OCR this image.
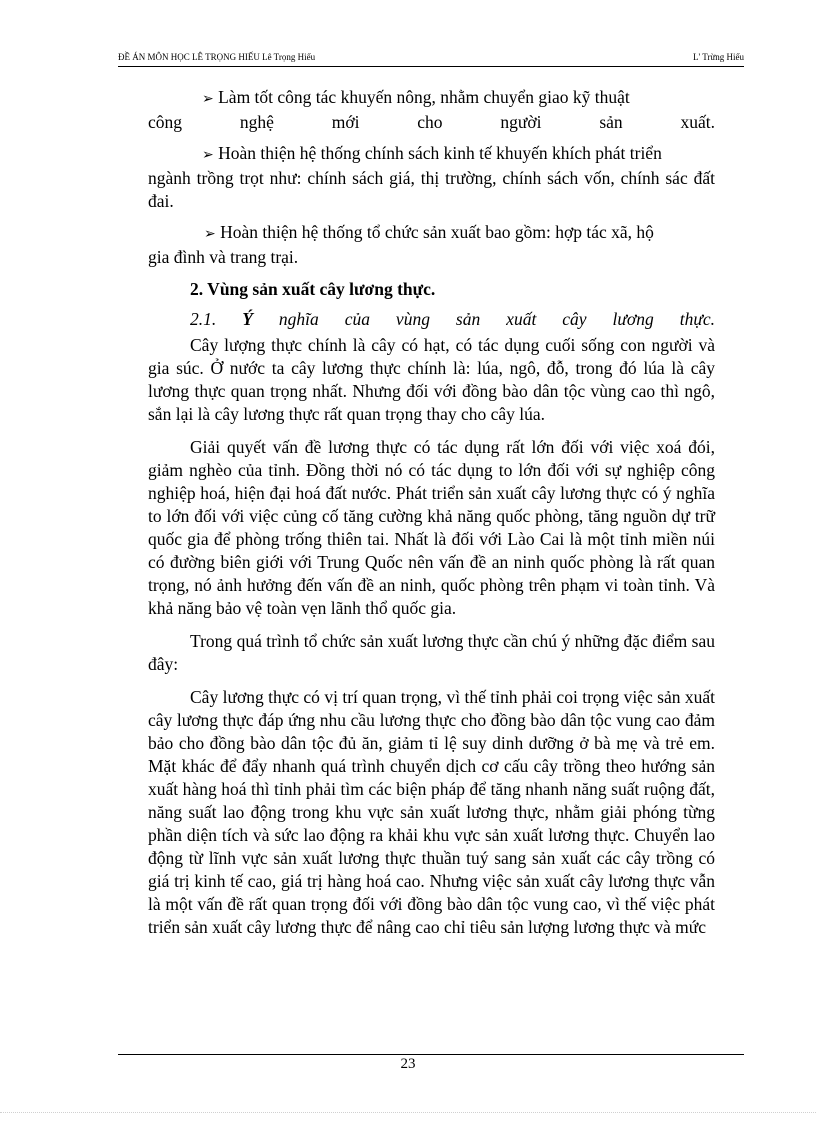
ĐỀ ÁN MÔN HỌC LÊ TRỌNG HIẾU Lê Trọng Hiếu	L' Trừng Hiếu

➢ Làm tốt công tác khuyến nông, nhằm chuyển giao kỹ thuật

công nghệ mới cho người sản xuất.

➢ Hoàn thiện hệ thống chính sách kinh tế khuyến khích phát triển

ngành trồng trọt như: chính sách giá, thị trường, chính sách vốn, chính sác đất đai.

➢ Hoàn thiện hệ thống tổ chức sản xuất bao gồm: hợp tác xã, hộ

gia đình và trang trại.

2. Vùng sản xuất cây lương thực.

2.1. Ý nghĩa của vùng sản xuất cây lương thực.

Cây lượng thực chính là cây có hạt, có tác dụng cuối sống con người và gia súc. Ở nước ta cây lương thực chính là: lúa, ngô, đỗ, trong đó lúa là cây lương thực quan trọng nhất. Nhưng đối với đồng bào dân tộc vùng cao thì ngô, sắn lại là cây lương thực rất quan trọng thay cho cây lúa.

Giải quyết vấn đề lương thực có tác dụng rất lớn đối với việc xoá đói, giảm nghèo của tỉnh. Đồng thời nó có tác dụng to lớn đối với sự nghiệp công nghiệp hoá, hiện đại hoá đất nước. Phát triển sản xuất cây lương thực có ý nghĩa to lớn đối với việc củng cố tăng cường khả năng quốc phòng, tăng nguồn dự trữ quốc gia để phòng trống thiên tai. Nhất là đối với Lào Cai là một tỉnh miền núi có đường biên giới với Trung Quốc nên vấn đề an ninh quốc phòng là rất quan trọng, nó ảnh hưởng đến vấn đề an ninh, quốc phòng trên phạm vi toàn tỉnh. Và khả năng bảo vệ toàn vẹn lãnh thổ quốc gia.

Trong quá trình tổ chức sản xuất lương thực cần chú ý những đặc điểm sau đây:

Cây lương thực có vị trí quan trọng, vì thế tỉnh phải coi trọng việc sản xuất cây lương thực đáp ứng nhu cầu lương thực cho đồng bào dân tộc vung cao đảm bảo cho đồng bào dân tộc đủ ăn, giảm tỉ lệ suy dinh dưỡng ở bà mẹ và trẻ em. Mặt khác để đẩy nhanh quá trình chuyển dịch cơ cấu cây trồng theo hướng sản xuất hàng hoá thì tỉnh phải tìm các biện pháp để tăng nhanh năng suất ruộng đất, năng suất lao động trong khu vực sản xuất lương thực, nhằm giải phóng từng phần diện tích và sức lao động ra khải khu vực sản xuất lương thực. Chuyển lao động từ lĩnh vực sản xuất lương thực thuần tuý sang sản xuất các cây trồng có giá trị kinh tế cao, giá trị hàng hoá cao. Nhưng việc sản xuất cây lương thực vẫn là một vấn đề rất quan trọng đối với đồng bào dân tộc vung cao, vì thế việc phát triển sản xuất cây lương thực để nâng cao chỉ tiêu sản lượng lương thực và mức

23
